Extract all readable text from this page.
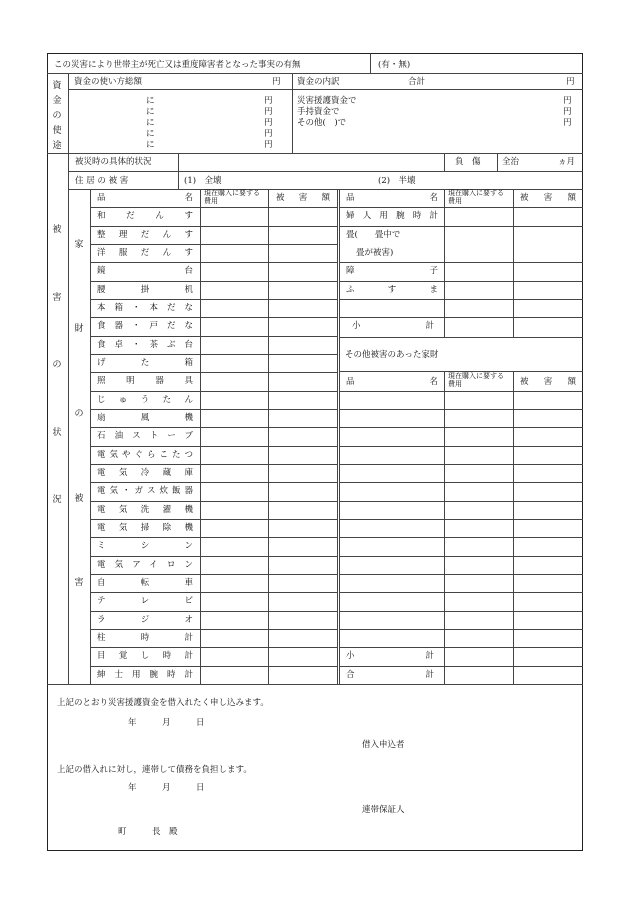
この災害により世帯主が死亡又は重度障害者となった事実の有無	(有・無)
資
金
の
使
途
資金の使い方総額	円 資金の内訳	合計	円
に	円
に	円
に	円
に	円
に	円
災害援護資金で	円
手持資金で	円
その他(　)で	円
被
害
の
状
況
被災時の具体的状況	負　傷	全治	ヵ月
住 居 の 被 害	(1)　全壊	(2)　半壊
家
財
の
被
害
品　　　　名 現在購入に要する費用	被　害　額
和だんす
整理だんす
洋服だんす
鏡台
腰掛机
本箱・本だな
食器・戸だな
食卓・茶ぶ台
げた箱
照明器具
じゅうたん
扇風機
石油ストーブ
電気やぐらこたつ
電気冷蔵庫
電気・ガス炊飯器
電気洗濯機
電気掃除機
ミシン
電気アイロン
自転車
テレビ
ラジオ
柱時計
目覚し時計
紳士用腕時計
品　　　　名 現在購入に要する費用	被　害　額
婦人用腕時計
畳(　　畳中で
畳が被害)
障子
ふすま
小計
その他被害のあった家財
品　　　　名
現在購入に要する費用	被　害　額
小計
合計
上記のとおり災害援護資金を借入れたく申し込みます。
年　　　月　　　日
借入申込者
上記の借入れに対し，連帯して債務を負担します。
年　　　月　　　日
連帯保証人
町　　　長　殿
